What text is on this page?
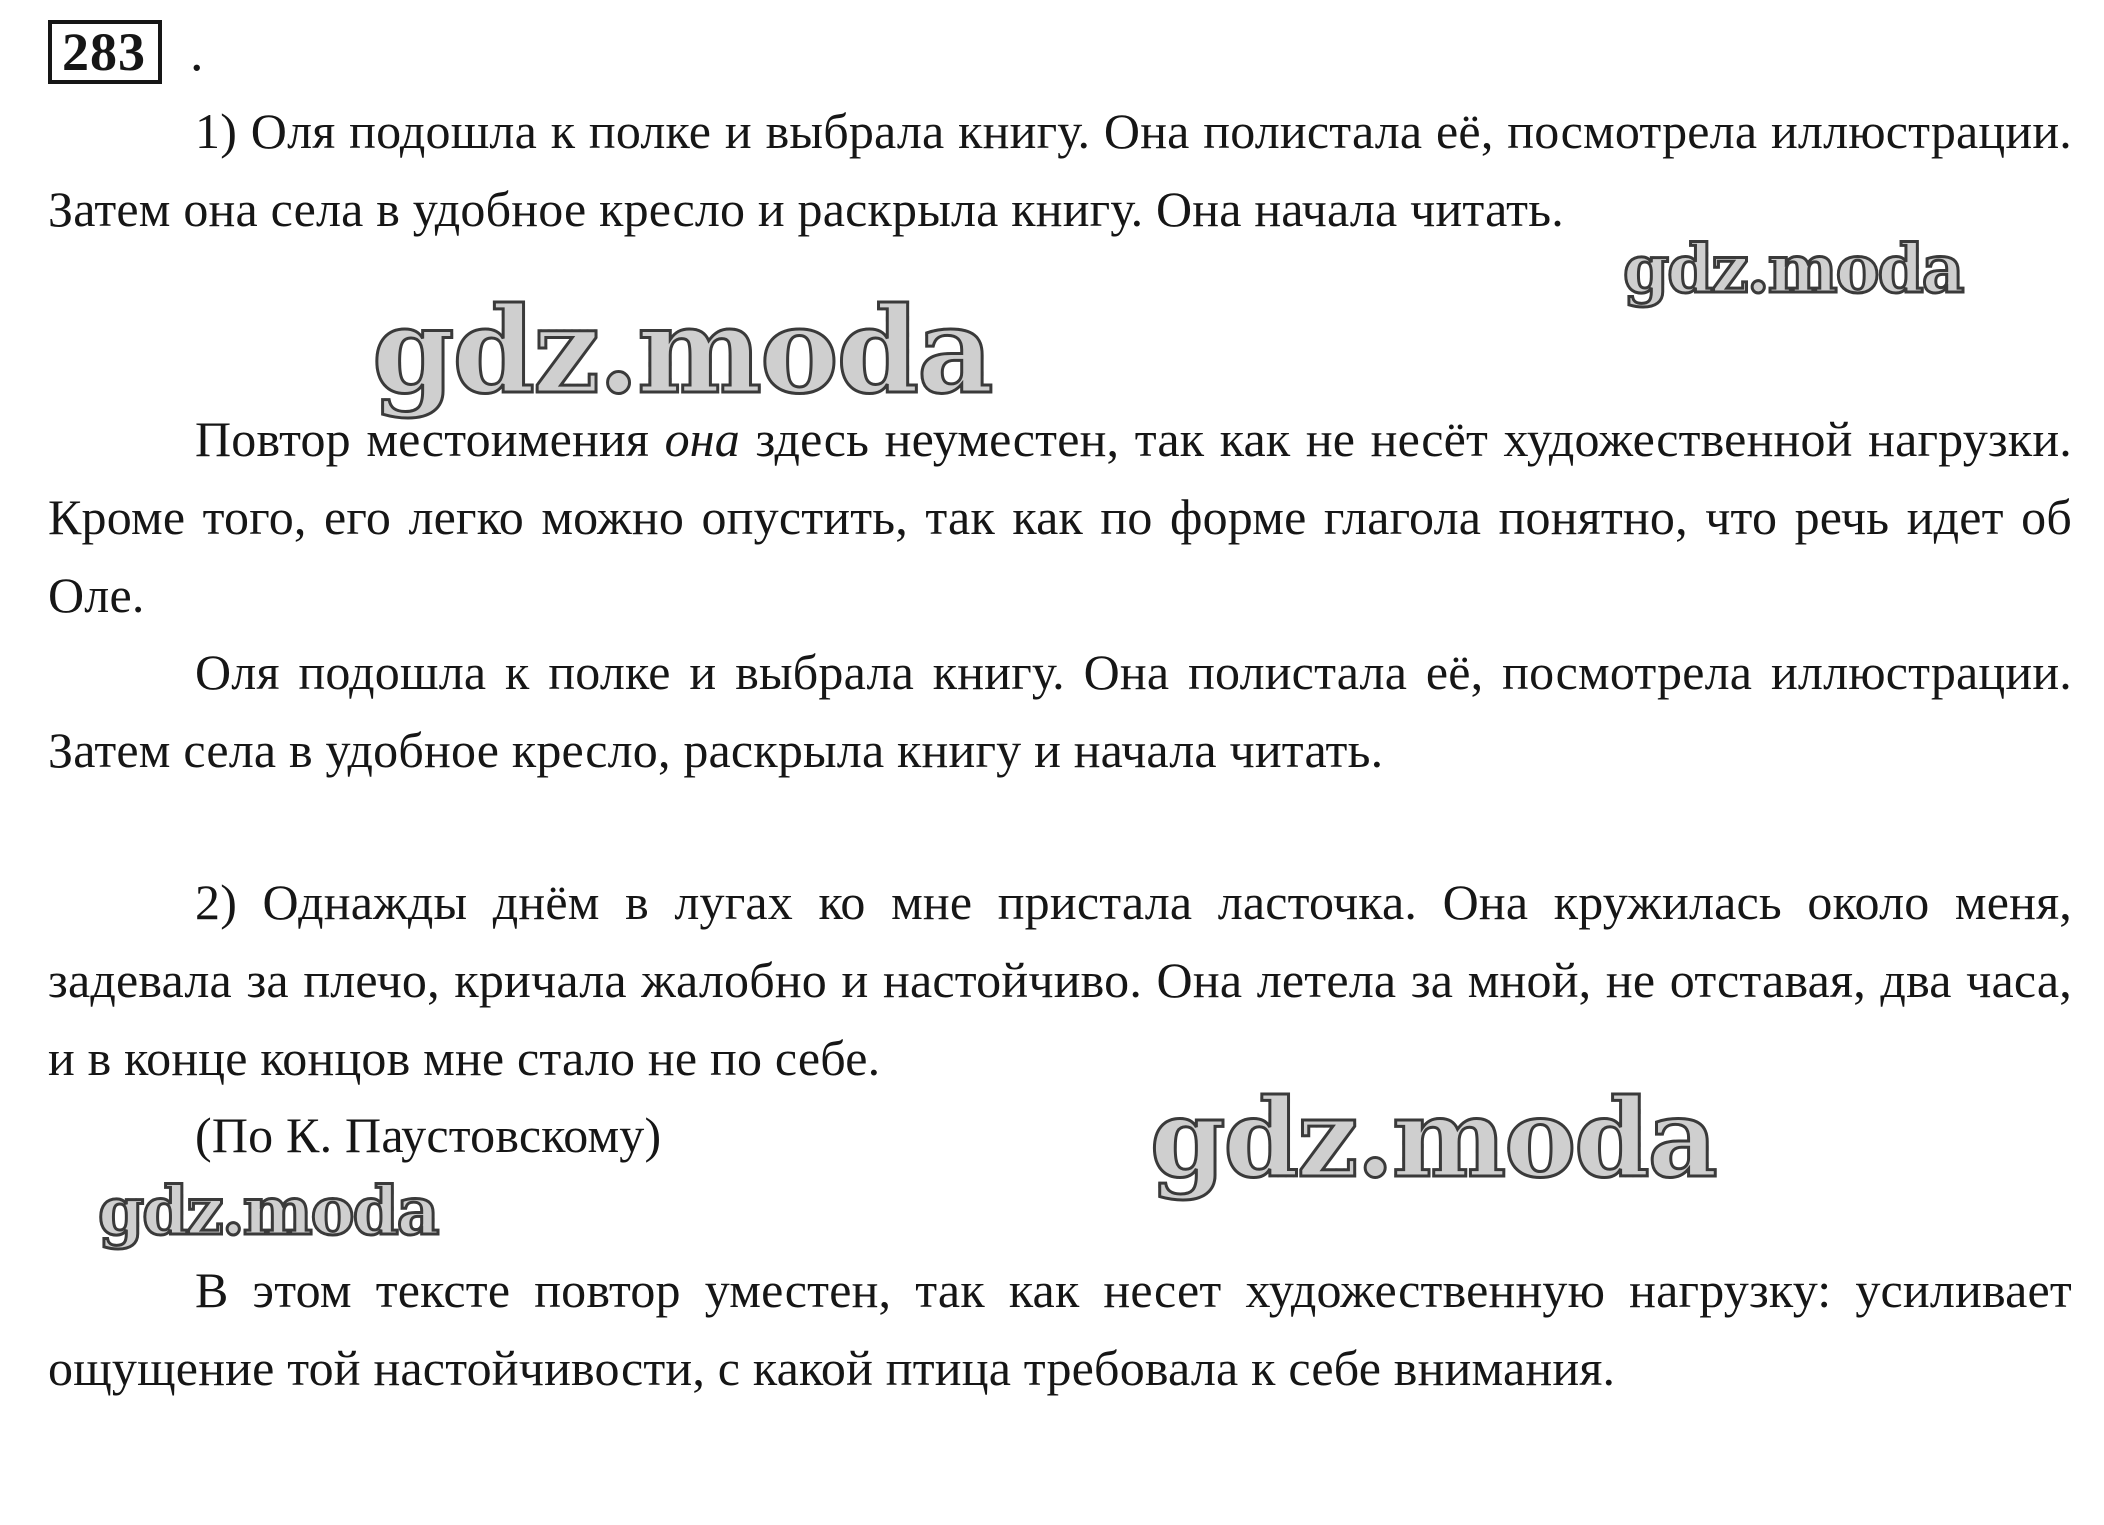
283 .

1) Оля подошла к полке и выбрала книгу. Она полистала её, посмотрела иллюстрации. Затем она села в удобное кресло и раскрыла книгу. Она начала читать.

Повтор местоимения она здесь неуместен, так как не несёт художественной нагрузки. Кроме того, его легко можно опустить, так как по форме глагола понятно, что речь идет об Оле.

Оля подошла к полке и выбрала книгу. Она полистала её, посмотрела иллюстрации. Затем села в удобное кресло, раскрыла книгу и начала читать.

2) Однажды днём в лугах ко мне пристала ласточка. Она кружилась около меня, задевала за плечо, кричала жалобно и настойчиво. Она летела за мной, не отставая, два часа, и в конце концов мне стало не по себе.

(По К. Паустовскому)

В этом тексте повтор уместен, так как несет художественную нагрузку: усиливает ощущение той настойчивости, с какой птица требовала к себе внимания.

gdz.moda
gdz.moda
gdz.moda
gdz.moda
